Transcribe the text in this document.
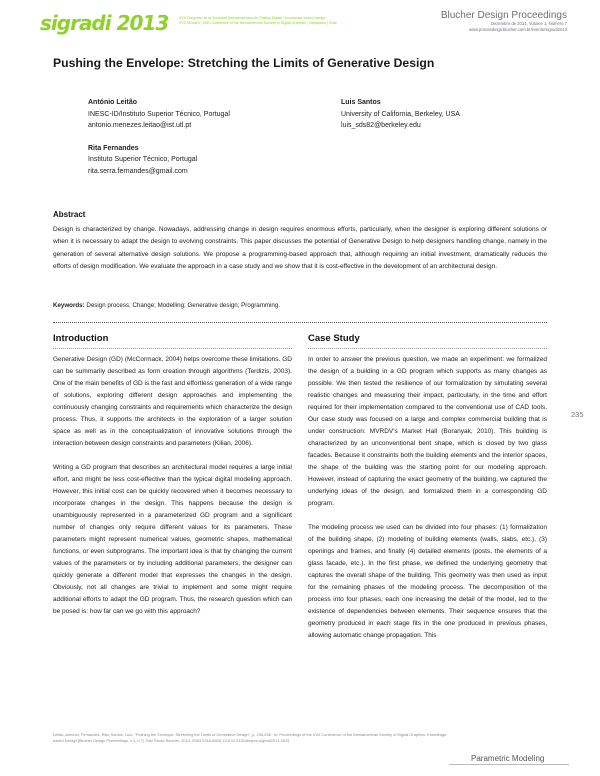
sigradi 2013	XVII Congreso de la Sociedad Iberoamericana de Gráfica Digital / Knowledge-based Design
XVII SIGraDi | XVII Conference of the Iberoamerican Society of Digital Graphics | Valparaíso | Chile
Blucher Design Proceedings
Dezembro de 2014, Volume 1, Número 7
www.proceedings.blucher.com.br/evento/sigradi2013
Pushing the Envelope: Stretching the Limits of Generative Design
António Leitão
INESC-ID/Instituto Superior Técnico, Portugal
antonio.menezes.leitao@ist.utl.pt
Rita Fernandes
Instituto Superior Técnico, Portugal
rita.serra.fernandes@gmail.com
Luis Santos
University of California, Berkeley, USA
luis_sds82@berkeley.edu
Abstract
Design is characterized by change. Nowadays, addressing change in design requires enormous efforts, particularly, when the designer is exploring different solutions or when it is necessary to adapt the design to evolving constraints. This paper discusses the potential of Generative Design to help designers handling change, namely in the generation of several alternative design solutions. We propose a programming-based approach that, although requiring an initial investment, dramatically reduces the efforts of design modification. We evaluate the approach in a case study and we show that it is cost-effective in the development of an architectural design.
Keywords: Design process; Change; Modelling; Generative design; Programming.
Introduction

Generative Design (GD) (McCormack, 2004) helps overcome these limitations. GD can be summarily described as form creation through algorithms (Terdizis, 2003). One of the main benefits of GD is the fast and effortless generation of a wide range of solutions, exploring different design approaches and implementing the continuously changing constraints and requirements which characterize the design process. Thus, it supports the architects in the exploration of a larger solution space as well as in the conceptualization of innovative solutions through the interaction between design constraints and parameters (Kilian, 2006).

Writing a GD program that describes an architectural model requires a large initial effort, and might be less cost-effective than the typical digital modeling approach. However, this initial cost can be quickly recovered when it becomes necessary to incorporate changes in the design. This happens because the design is unambiguously represented in a parameterized GD program and a significant number of changes only require different values for its parameters. These parameters might represent numerical values, geometric shapes, mathematical functions, or even subprograms. The important idea is that by changing the current values of the parameters or by including additional parameters, the designer can quickly generate a different model that expresses the changes in the design. Obviously, not all changes are trivial to implement and some might require additional efforts to adapt the GD program. Thus, the research question which can be posed is: how far can we go with this approach?

Case Study

In order to answer the previous question, we made an experiment: we formalized the design of a building in a GD program which supports as many changes as possible. We then tested the resilience of our formalization by simulating several realistic changes and measuring their impact, particularly, in the time and effort required for their implementation compared to the conventional use of CAD tools. Our case study was focused on a large and complex commercial building that is under construction: MVRDV's Market Hall (Boranyak, 2010). This building is characterized by an unconventional bent shape, which is closed by two glass facades. Because it constraints both the building elements and the interior spaces, the shape of the building was the starting point for our modeling approach. However, instead of capturing the exact geometry of the building, we captured the underlying ideas of the design, and formalized them in a corresponding GD program.

The modeling process we used can be divided into four phases: (1) formalization of the building shape, (2) modeling of building elements (walls, slabs, etc.), (3) openings and frames, and finally (4) detailed elements (posts, the elements of a glass facade, etc.). In the first phase, we defined the underlying geometry that captures the overall shape of the building. This geometry was then used as input for the remaining phases of the modeling process. The decomposition of the process into four phases, each one increasing the detail of the model, led to the existence of dependencies between elements. Their sequence ensures that the geometry produced in each stage fits in the one produced in previous phases, allowing automatic change propagation. This

235
Leitão, António; Fernandes, Rita; Santos, Luis; "Pushing the Envelope: Stretching the Limits of Generative Design", p. 235-238 . In: Proceedings of the XVII Conference of the Iberoamerican Society of Digital Graphics: Knowledge-based Design [Blucher Design Proceedings, v.1, n.7]. São Paulo: Blucher, 2014. ISSN 2318-6968, DOI 10.5151/despro-sigradi2013-0043
Parametric Modeling
